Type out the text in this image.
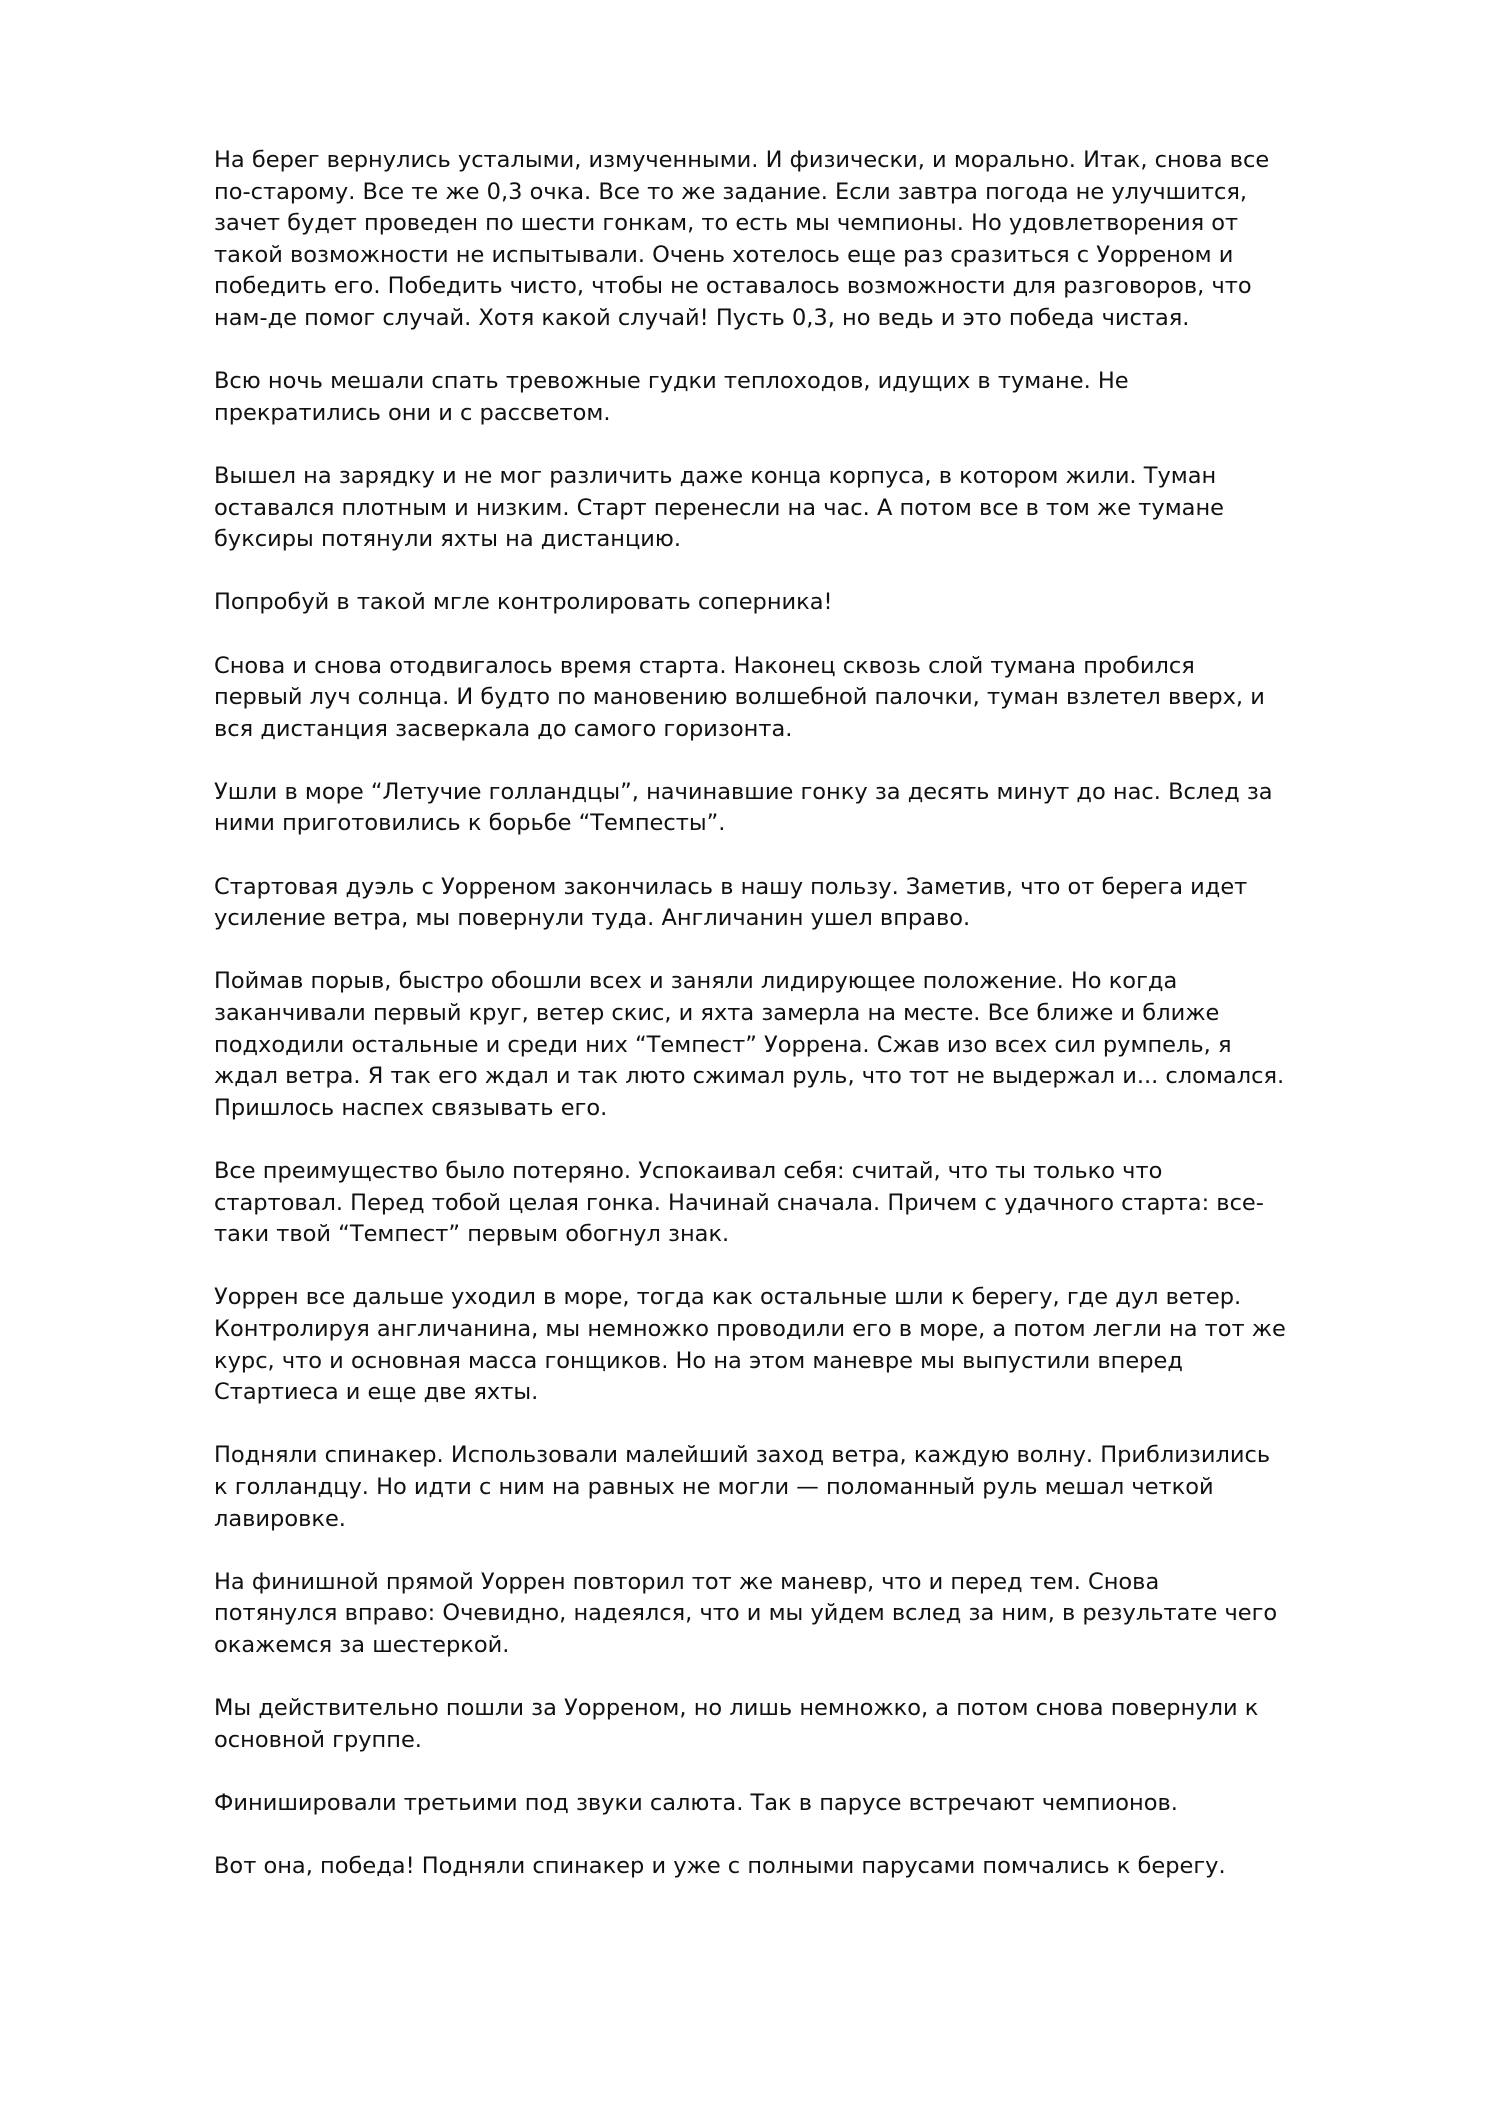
На берег вернулись усталыми, измученными. И физически, и морально. Итак, снова все
по-старому. Все те же 0,3 очка. Все то же задание. Если завтра погода не улучшится,
зачет будет проведен по шести гонкам, то есть мы чемпионы. Но удовлетворения от
такой возможности не испытывали. Очень хотелось еще раз сразиться с Уорреном и
победить его. Победить чисто, чтобы не оставалось возможности для разговоров, что
нам-де помог случай. Хотя какой случай! Пусть 0,3, но ведь и это победа чистая.

Всю ночь мешали спать тревожные гудки теплоходов, идущих в тумане. Не
прекратились они и с рассветом.

Вышел на зарядку и не мог различить даже конца корпуса, в котором жили. Туман
оставался плотным и низким. Старт перенесли на час. А потом все в том же тумане
буксиры потянули яхты на дистанцию.

Попробуй в такой мгле контролировать соперника!

Снова и снова отодвигалось время старта. Наконец сквозь слой тумана пробился
первый луч солнца. И будто по мановению волшебной палочки, туман взлетел вверх, и
вся дистанция засверкала до самого горизонта.

Ушли в море “Летучие голландцы”, начинавшие гонку за десять минут до нас. Вслед за
ними приготовились к борьбе “Темпесты”.

Стартовая дуэль с Уорреном закончилась в нашу пользу. Заметив, что от берега идет
усиление ветра, мы повернули туда. Англичанин ушел вправо.

Поймав порыв, быстро обошли всех и заняли лидирующее положение. Но когда
заканчивали первый круг, ветер скис, и яхта замерла на месте. Все ближе и ближе
подходили остальные и среди них “Темпест” Уоррена. Сжав изо всех сил румпель, я
ждал ветра. Я так его ждал и так люто сжимал руль, что тот не выдержал и... сломался.
Пришлось наспех связывать его.

Все преимущество было потеряно. Успокаивал себя: считай, что ты только что
стартовал. Перед тобой целая гонка. Начинай сначала. Причем с удачного старта: все-
таки твой “Темпест” первым обогнул знак.

Уоррен все дальше уходил в море, тогда как остальные шли к берегу, где дул ветер.
Контролируя англичанина, мы немножко проводили его в море, а потом легли на тот же
курс, что и основная масса гонщиков. Но на этом маневре мы выпустили вперед
Стартиеса и еще две яхты.

Подняли спинакер. Использовали малейший заход ветра, каждую волну. Приблизились
к голландцу. Но идти с ним на равных не могли — поломанный руль мешал четкой
лавировке.

На финишной прямой Уоррен повторил тот же маневр, что и перед тем. Снова
потянулся вправо: Очевидно, надеялся, что и мы уйдем вслед за ним, в результате чего
окажемся за шестеркой.

Мы действительно пошли за Уорреном, но лишь немножко, а потом снова повернули к
основной группе.

Финишировали третьими под звуки салюта. Так в парусе встречают чемпионов.

Вот она, победа! Подняли спинакер и уже с полными парусами помчались к берегу.
